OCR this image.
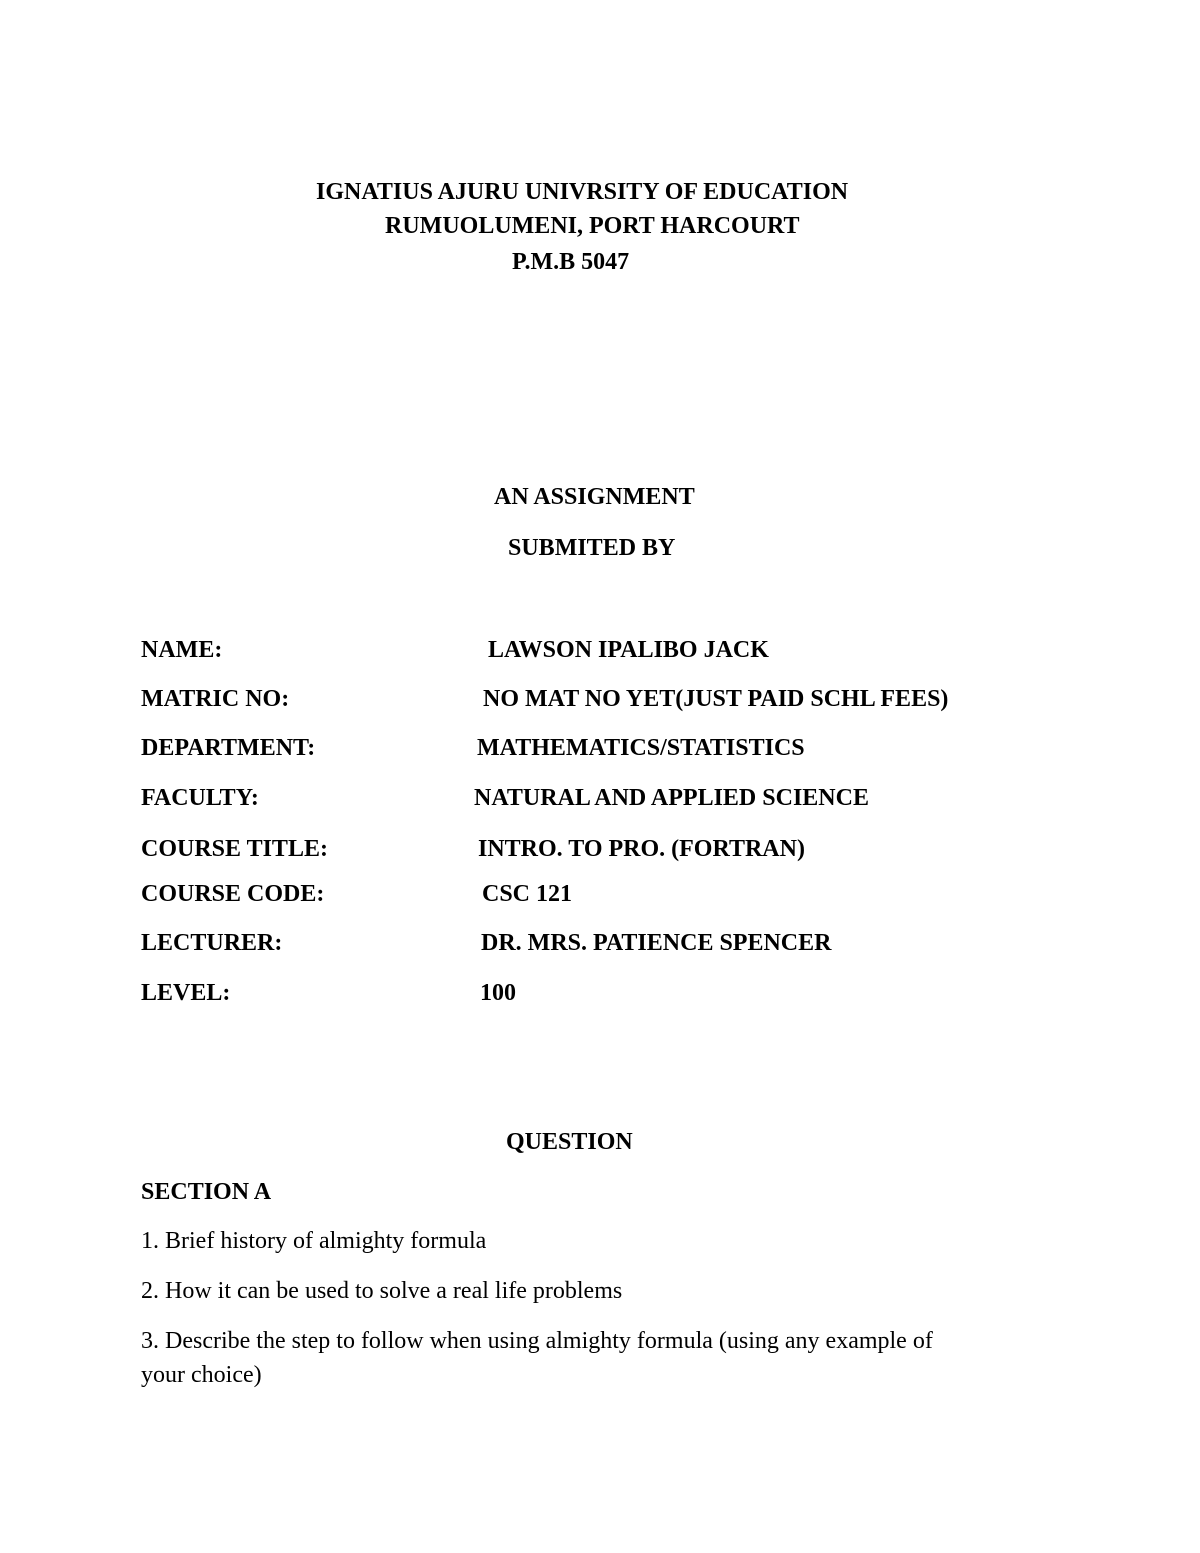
IGNATIUS AJURU UNIVRSITY OF EDUCATION

RUMUOLUMENI, PORT HARCOURT

P.M.B 5047

AN ASSIGNMENT

SUBMITED BY

NAME:	LAWSON IPALIBO JACK

MATRIC NO:	NO MAT NO YET(JUST PAID SCHL FEES)

DEPARTMENT:	MATHEMATICS/STATISTICS

FACULTY:	NATURAL AND APPLIED SCIENCE

COURSE TITLE:	INTRO. TO PRO. (FORTRAN)

COURSE CODE:	CSC 121

LECTURER:	DR. MRS. PATIENCE SPENCER

LEVEL:	100

QUESTION

SECTION A

1. Brief history of almighty formula

2. How it can be used to solve a real life problems

3. Describe the step to follow when using almighty formula (using any example of

your choice)
